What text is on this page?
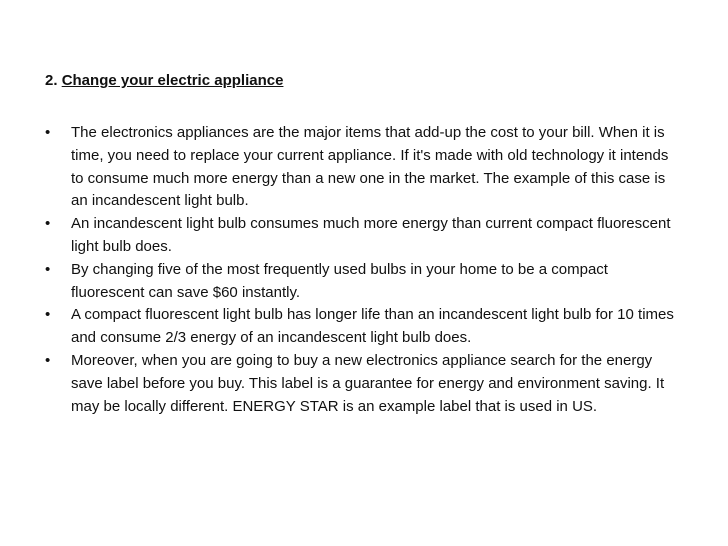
2. Change your electric appliance
•	The electronics appliances are the major items that add-up the cost to your bill. When it is time, you need to replace your current appliance. If it's made with old technology it intends to consume much more energy than a new one in the market. The example of this case is an incandescent light bulb.
•	An incandescent light bulb consumes much more energy than current compact fluorescent light bulb does.
•	By changing five of the most frequently used bulbs in your home to be a compact fluorescent can save $60 instantly.
•	A compact fluorescent light bulb has longer life than an incandescent light bulb for 10 times and consume 2/3 energy of an incandescent light bulb does.
•	Moreover, when you are going to buy a new electronics appliance search for the energy save label before you buy. This label is a guarantee for energy and environment saving. It may be locally different. ENERGY STAR is an example label that is used in US.
